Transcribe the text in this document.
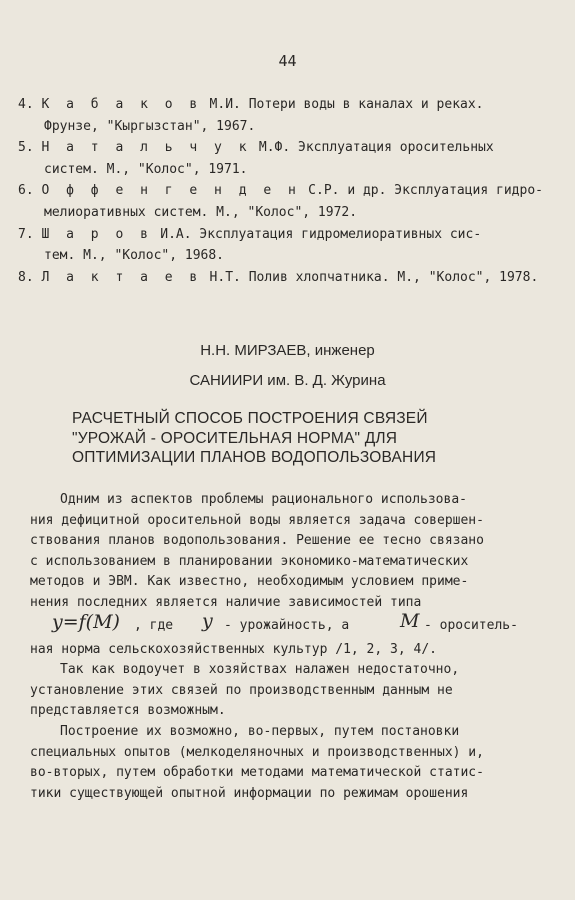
44
4. К а б а к о в М.И. Потери воды в каналах и реках.
Фрунзе, "Кыргызстан", 1967.
5. Н а т а л ь ч у к М.Ф. Эксплуатация оросительных
систем. М., "Колос", 1971.
6. О ф ф е н г е н д е н С.Р. и др. Эксплуатация гидро-
мелиоративных систем. М., "Колос", 1972.
7. Ш а р о в И.А. Эксплуатация гидромелиоративных сис-
тем. М., "Колос", 1968.
8. Л а к т а е в Н.Т. Полив хлопчатника. М., "Колос", 1978.
Н.Н. МИРЗАЕВ, инженер
САНИИРИ им. В. Д. Журина
РАСЧЕТНЫЙ СПОСОБ ПОСТРОЕНИЯ СВЯЗЕЙ
"УРОЖАЙ - ОРОСИТЕЛЬНАЯ НОРМА" ДЛЯ
ОПТИМИЗАЦИИ ПЛАНОВ ВОДОПОЛЬЗОВАНИЯ
Одним из аспектов проблемы рационального использова-
ния дефицитной оросительной воды является задача совершен-
ствования планов водопользования. Решение ее тесно связано
с использованием в планировании экономико-математических
методов и ЭВМ. Как известно, необходимым условием приме-
нения последних является наличие зависимостей типа
y=f(M) , где y - урожайность, а	M - ороситель-
ная норма сельскохозяйственных культур /1, 2, 3, 4/.
Так как водоучет в хозяйствах налажен недостаточно,
установление этих связей по производственным данным не
представляется возможным.
Построение их возможно, во-первых, путем постановки
специальных опытов (мелкоделяночных и производственных) и,
во-вторых, путем обработки методами математической статис-
тики существующей опытной информации по режимам орошения
